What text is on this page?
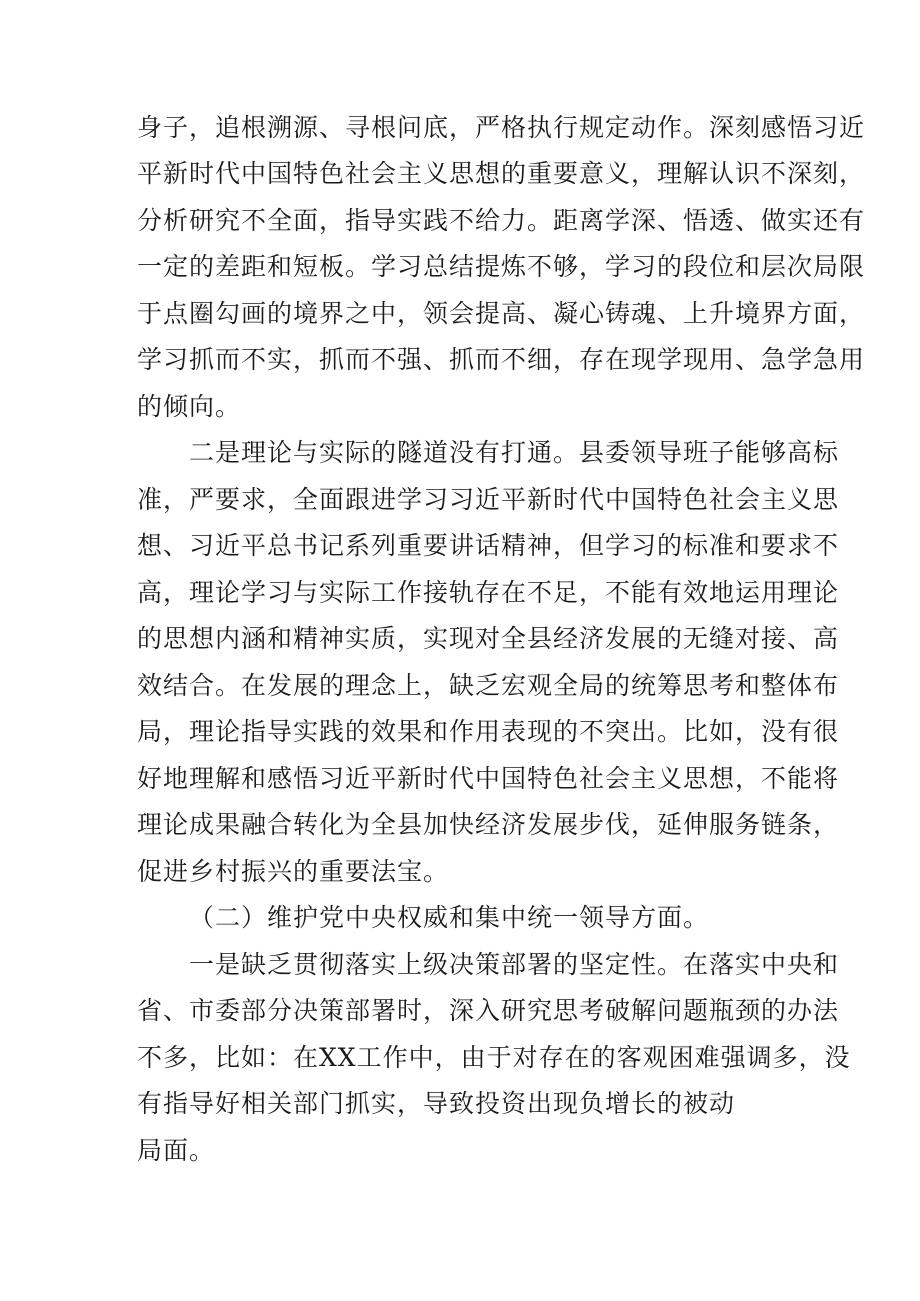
身子，追根溯源、寻根问底，严格执行规定动作。深刻感悟习近
平新时代中国特色社会主义思想的重要意义，理解认识不深刻，
分析研究不全面，指导实践不给力。距离学深、悟透、做实还有
一定的差距和短板。学习总结提炼不够，学习的段位和层次局限
于点圈勾画的境界之中，领会提高、凝心铸魂、上升境界方面，
学习抓而不实，抓而不强、抓而不细，存在现学现用、急学急用
的倾向。
二是理论与实际的隧道没有打通。县委领导班子能够高标
准，严要求，全面跟进学习习近平新时代中国特色社会主义思
想、习近平总书记系列重要讲话精神，但学习的标准和要求不
高，理论学习与实际工作接轨存在不足，不能有效地运用理论
的思想内涵和精神实质，实现对全县经济发展的无缝对接、高
效结合。在发展的理念上，缺乏宏观全局的统筹思考和整体布
局，理论指导实践的效果和作用表现的不突出。比如，没有很
好地理解和感悟习近平新时代中国特色社会主义思想，不能将
理论成果融合转化为全县加快经济发展步伐，延伸服务链条，
促进乡村振兴的重要法宝。
（二）维护党中央权威和集中统一领导方面。
一是缺乏贯彻落实上级决策部署的坚定性。在落实中央和
省、市委部分决策部署时，深入研究思考破解问题瓶颈的办法
不多，比如：在XX工作中，由于对存在的客观困难强调多，没
有指导好相关部门抓实，导致投资出现负增长的被动
局面。
